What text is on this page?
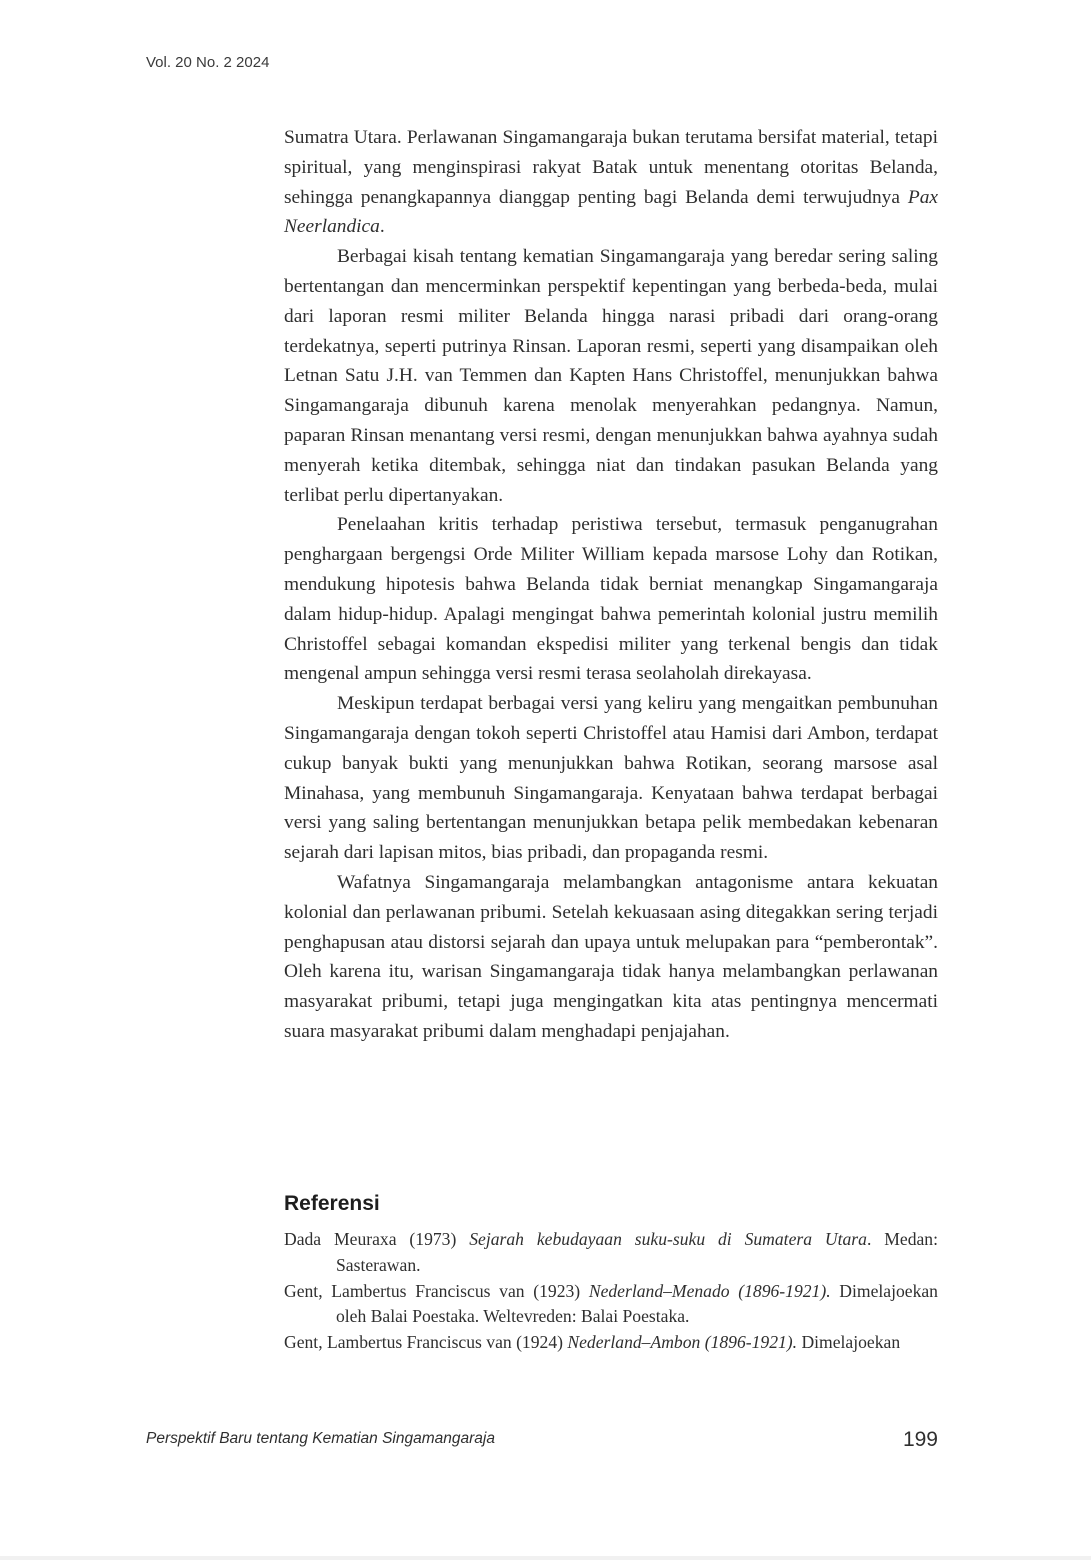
Vol. 20 No. 2 2024

Sumatra Utara. Perlawanan Singamangaraja bukan terutama bersifat material, tetapi spiritual, yang menginspirasi rakyat Batak untuk menentang otoritas Belanda, sehingga penangkapannya dianggap penting bagi Belanda demi terwujudnya Pax Neerlandica.

Berbagai kisah tentang kematian Singamangaraja yang beredar sering saling bertentangan dan mencerminkan perspektif kepentingan yang berbeda-beda, mulai dari laporan resmi militer Belanda hingga narasi pribadi dari orang-orang terdekatnya, seperti putrinya Rinsan. Laporan resmi, seperti yang disampaikan oleh Letnan Satu J.H. van Temmen dan Kapten Hans Christoffel, menunjukkan bahwa Singamangaraja dibunuh karena menolak menyerahkan pedangnya. Namun, paparan Rinsan menantang versi resmi, dengan menunjukkan bahwa ayahnya sudah menyerah ketika ditembak, sehingga niat dan tindakan pasukan Belanda yang terlibat perlu dipertanyakan.

Penelaahan kritis terhadap peristiwa tersebut, termasuk penganugrahan penghargaan bergengsi Orde Militer William kepada marsose Lohy dan Rotikan, mendukung hipotesis bahwa Belanda tidak berniat menangkap Singamangaraja dalam hidup-hidup. Apalagi mengingat bahwa pemerintah kolonial justru memilih Christoffel sebagai komandan ekspedisi militer yang terkenal bengis dan tidak mengenal ampun sehingga versi resmi terasa seolaholah direkayasa.

Meskipun terdapat berbagai versi yang keliru yang mengaitkan pembunuhan Singamangaraja dengan tokoh seperti Christoffel atau Hamisi dari Ambon, terdapat cukup banyak bukti yang menunjukkan bahwa Rotikan, seorang marsose asal Minahasa, yang membunuh Singamangaraja. Kenyataan bahwa terdapat berbagai versi yang saling bertentangan menunjukkan betapa pelik membedakan kebenaran sejarah dari lapisan mitos, bias pribadi, dan propaganda resmi.

Wafatnya Singamangaraja melambangkan antagonisme antara kekuatan kolonial dan perlawanan pribumi. Setelah kekuasaan asing ditegakkan sering terjadi penghapusan atau distorsi sejarah dan upaya untuk melupakan para “pemberontak”. Oleh karena itu, warisan Singamangaraja tidak hanya melambangkan perlawanan masyarakat pribumi, tetapi juga mengingatkan kita atas pentingnya mencermati suara masyarakat pribumi dalam menghadapi penjajahan.

Referensi

Dada Meuraxa (1973) Sejarah kebudayaan suku-suku di Sumatera Utara. Medan: Sasterawan.

Gent, Lambertus Franciscus van (1923) Nederland–Menado (1896-1921). Dimelajoekan oleh Balai Poestaka. Weltevreden: Balai Poestaka.

Gent, Lambertus Franciscus van (1924) Nederland–Ambon (1896-1921). Dimelajoekan

Perspektif Baru tentang Kematian Singamangaraja	199
